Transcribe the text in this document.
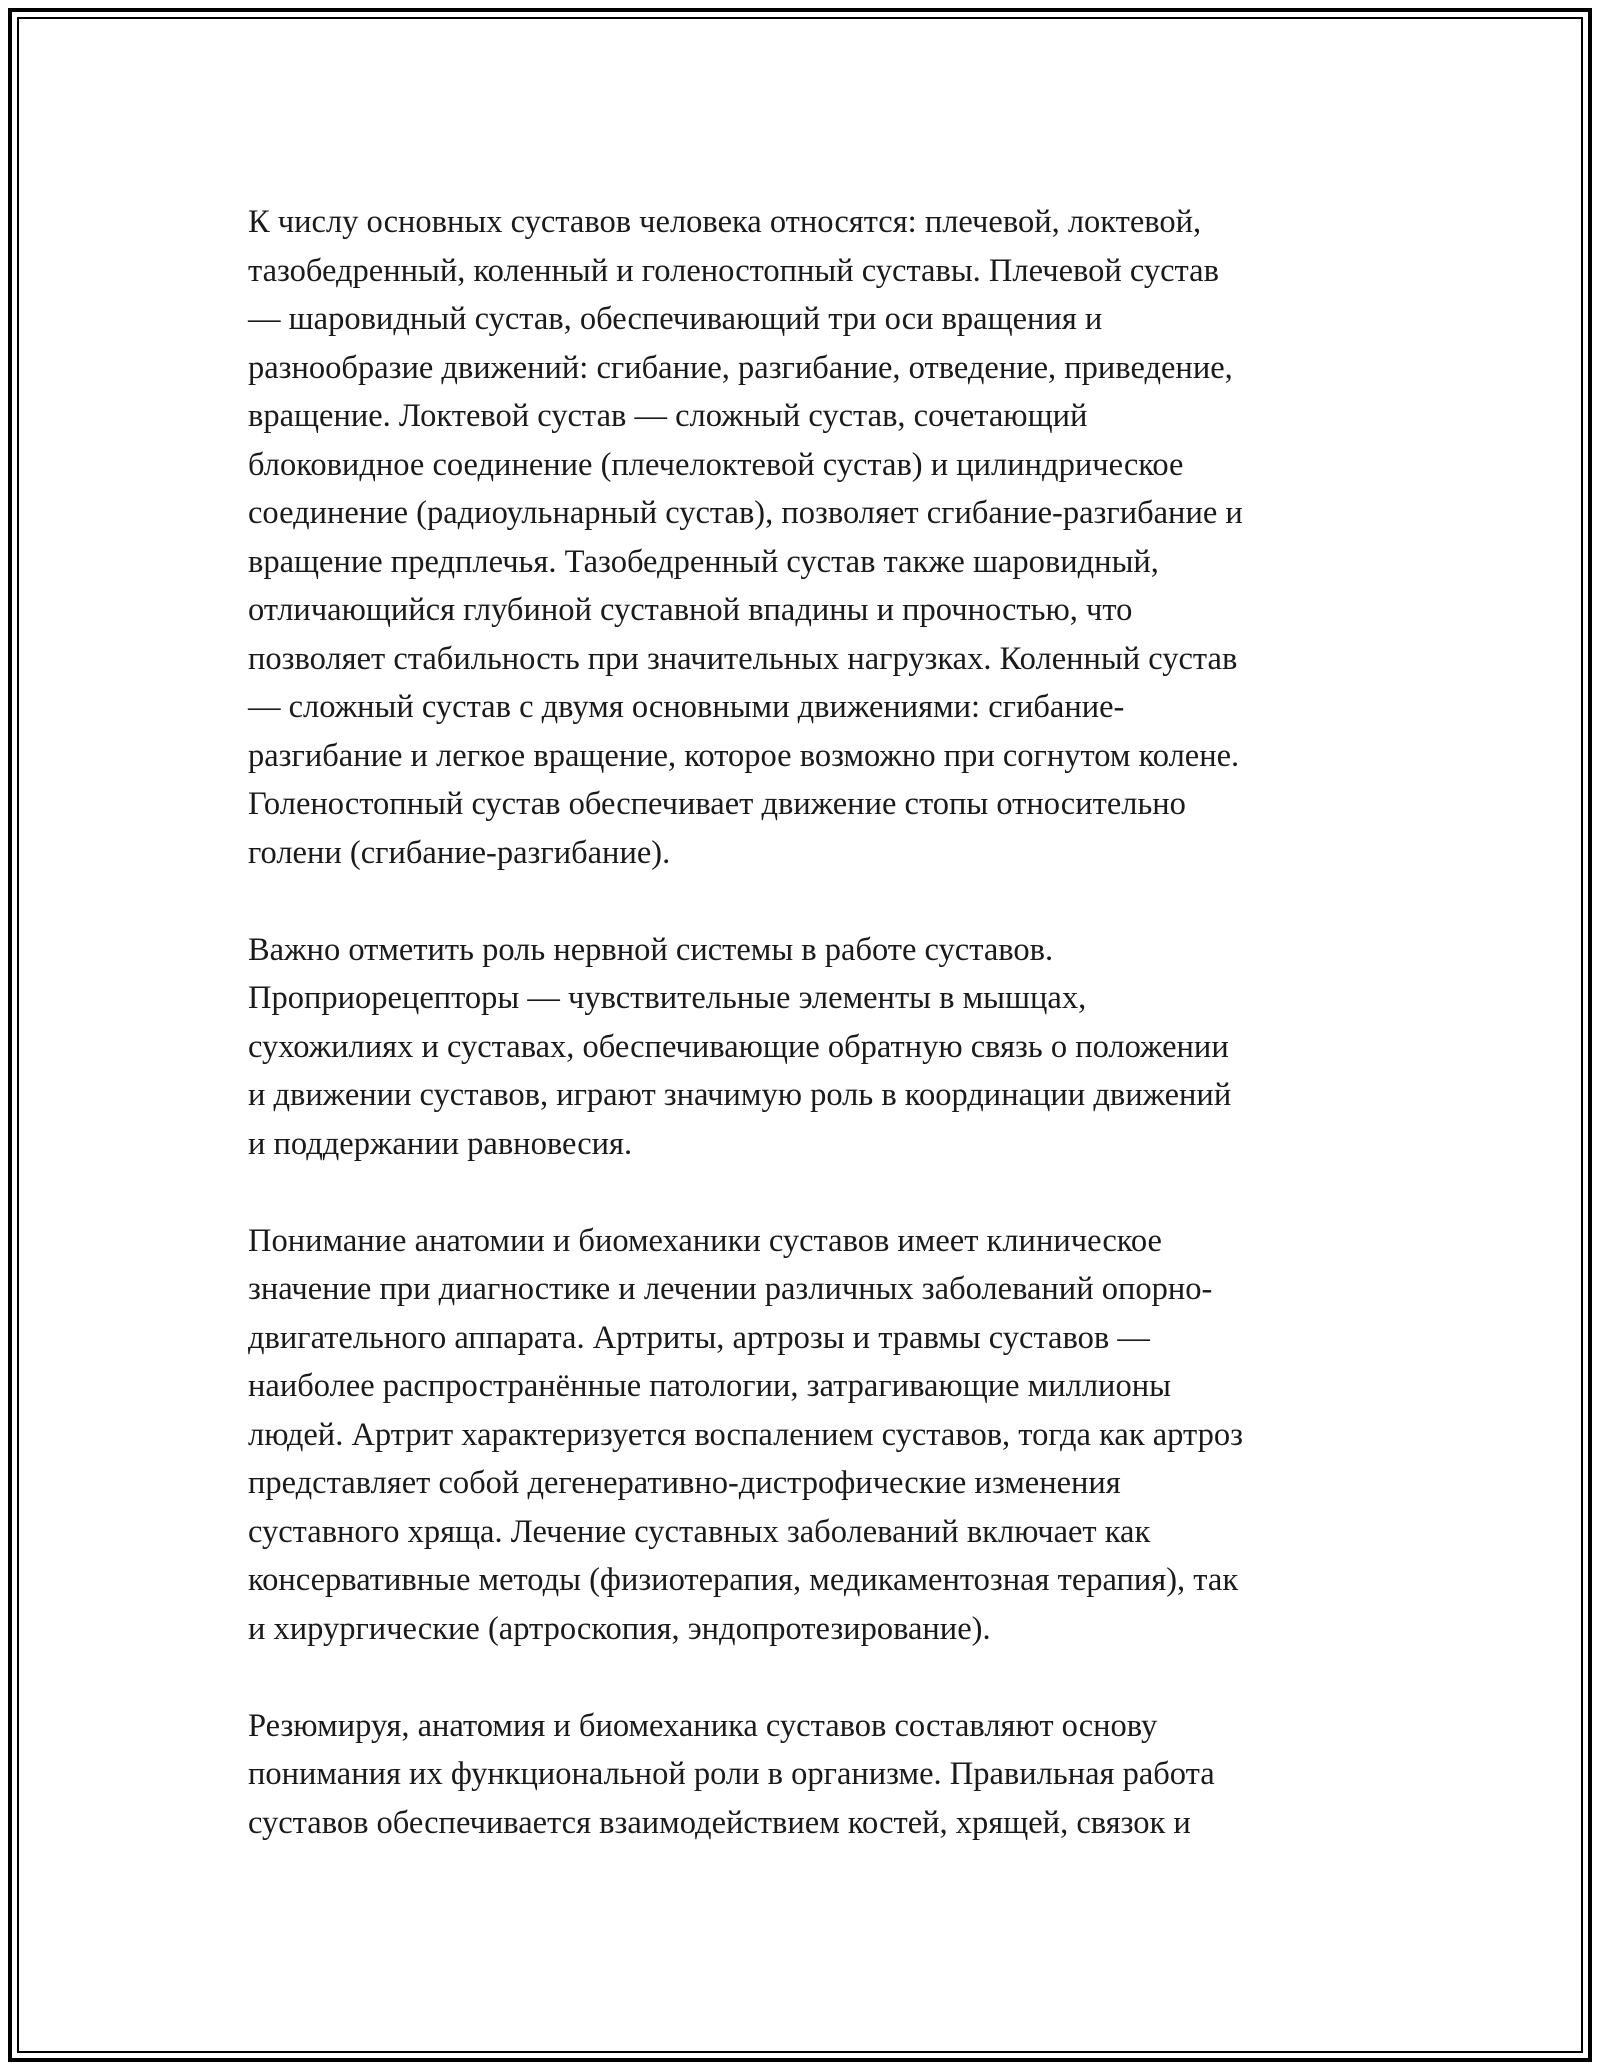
К числу основных суставов человека относятся: плечевой, локтевой,
тазобедренный, коленный и голеностопный суставы. Плечевой сустав
— шаровидный сустав, обеспечивающий три оси вращения и
разнообразие движений: сгибание, разгибание, отведение, приведение,
вращение. Локтевой сустав — сложный сустав, сочетающий
блоковидное соединение (плечелоктевой сустав) и цилиндрическое
соединение (радиоульнарный сустав), позволяет сгибание-разгибание и
вращение предплечья. Тазобедренный сустав также шаровидный,
отличающийся глубиной суставной впадины и прочностью, что
позволяет стабильность при значительных нагрузках. Коленный сустав
— сложный сустав с двумя основными движениями: сгибание-
разгибание и легкое вращение, которое возможно при согнутом колене.
Голеностопный сустав обеспечивает движение стопы относительно
голени (сгибание-разгибание).

Важно отметить роль нервной системы в работе суставов.
Проприорецепторы — чувствительные элементы в мышцах,
сухожилиях и суставах, обеспечивающие обратную связь о положении
и движении суставов, играют значимую роль в координации движений
и поддержании равновесия.

Понимание анатомии и биомеханики суставов имеет клиническое
значение при диагностике и лечении различных заболеваний опорно-
двигательного аппарата. Артриты, артрозы и травмы суставов —
наиболее распространённые патологии, затрагивающие миллионы
людей. Артрит характеризуется воспалением суставов, тогда как артроз
представляет собой дегенеративно-дистрофические изменения
суставного хряща. Лечение суставных заболеваний включает как
консервативные методы (физиотерапия, медикаментозная терапия), так
и хирургические (артроскопия, эндопротезирование).

Резюмируя, анатомия и биомеханика суставов составляют основу
понимания их функциональной роли в организме. Правильная работа
суставов обеспечивается взаимодействием костей, хрящей, связок и
